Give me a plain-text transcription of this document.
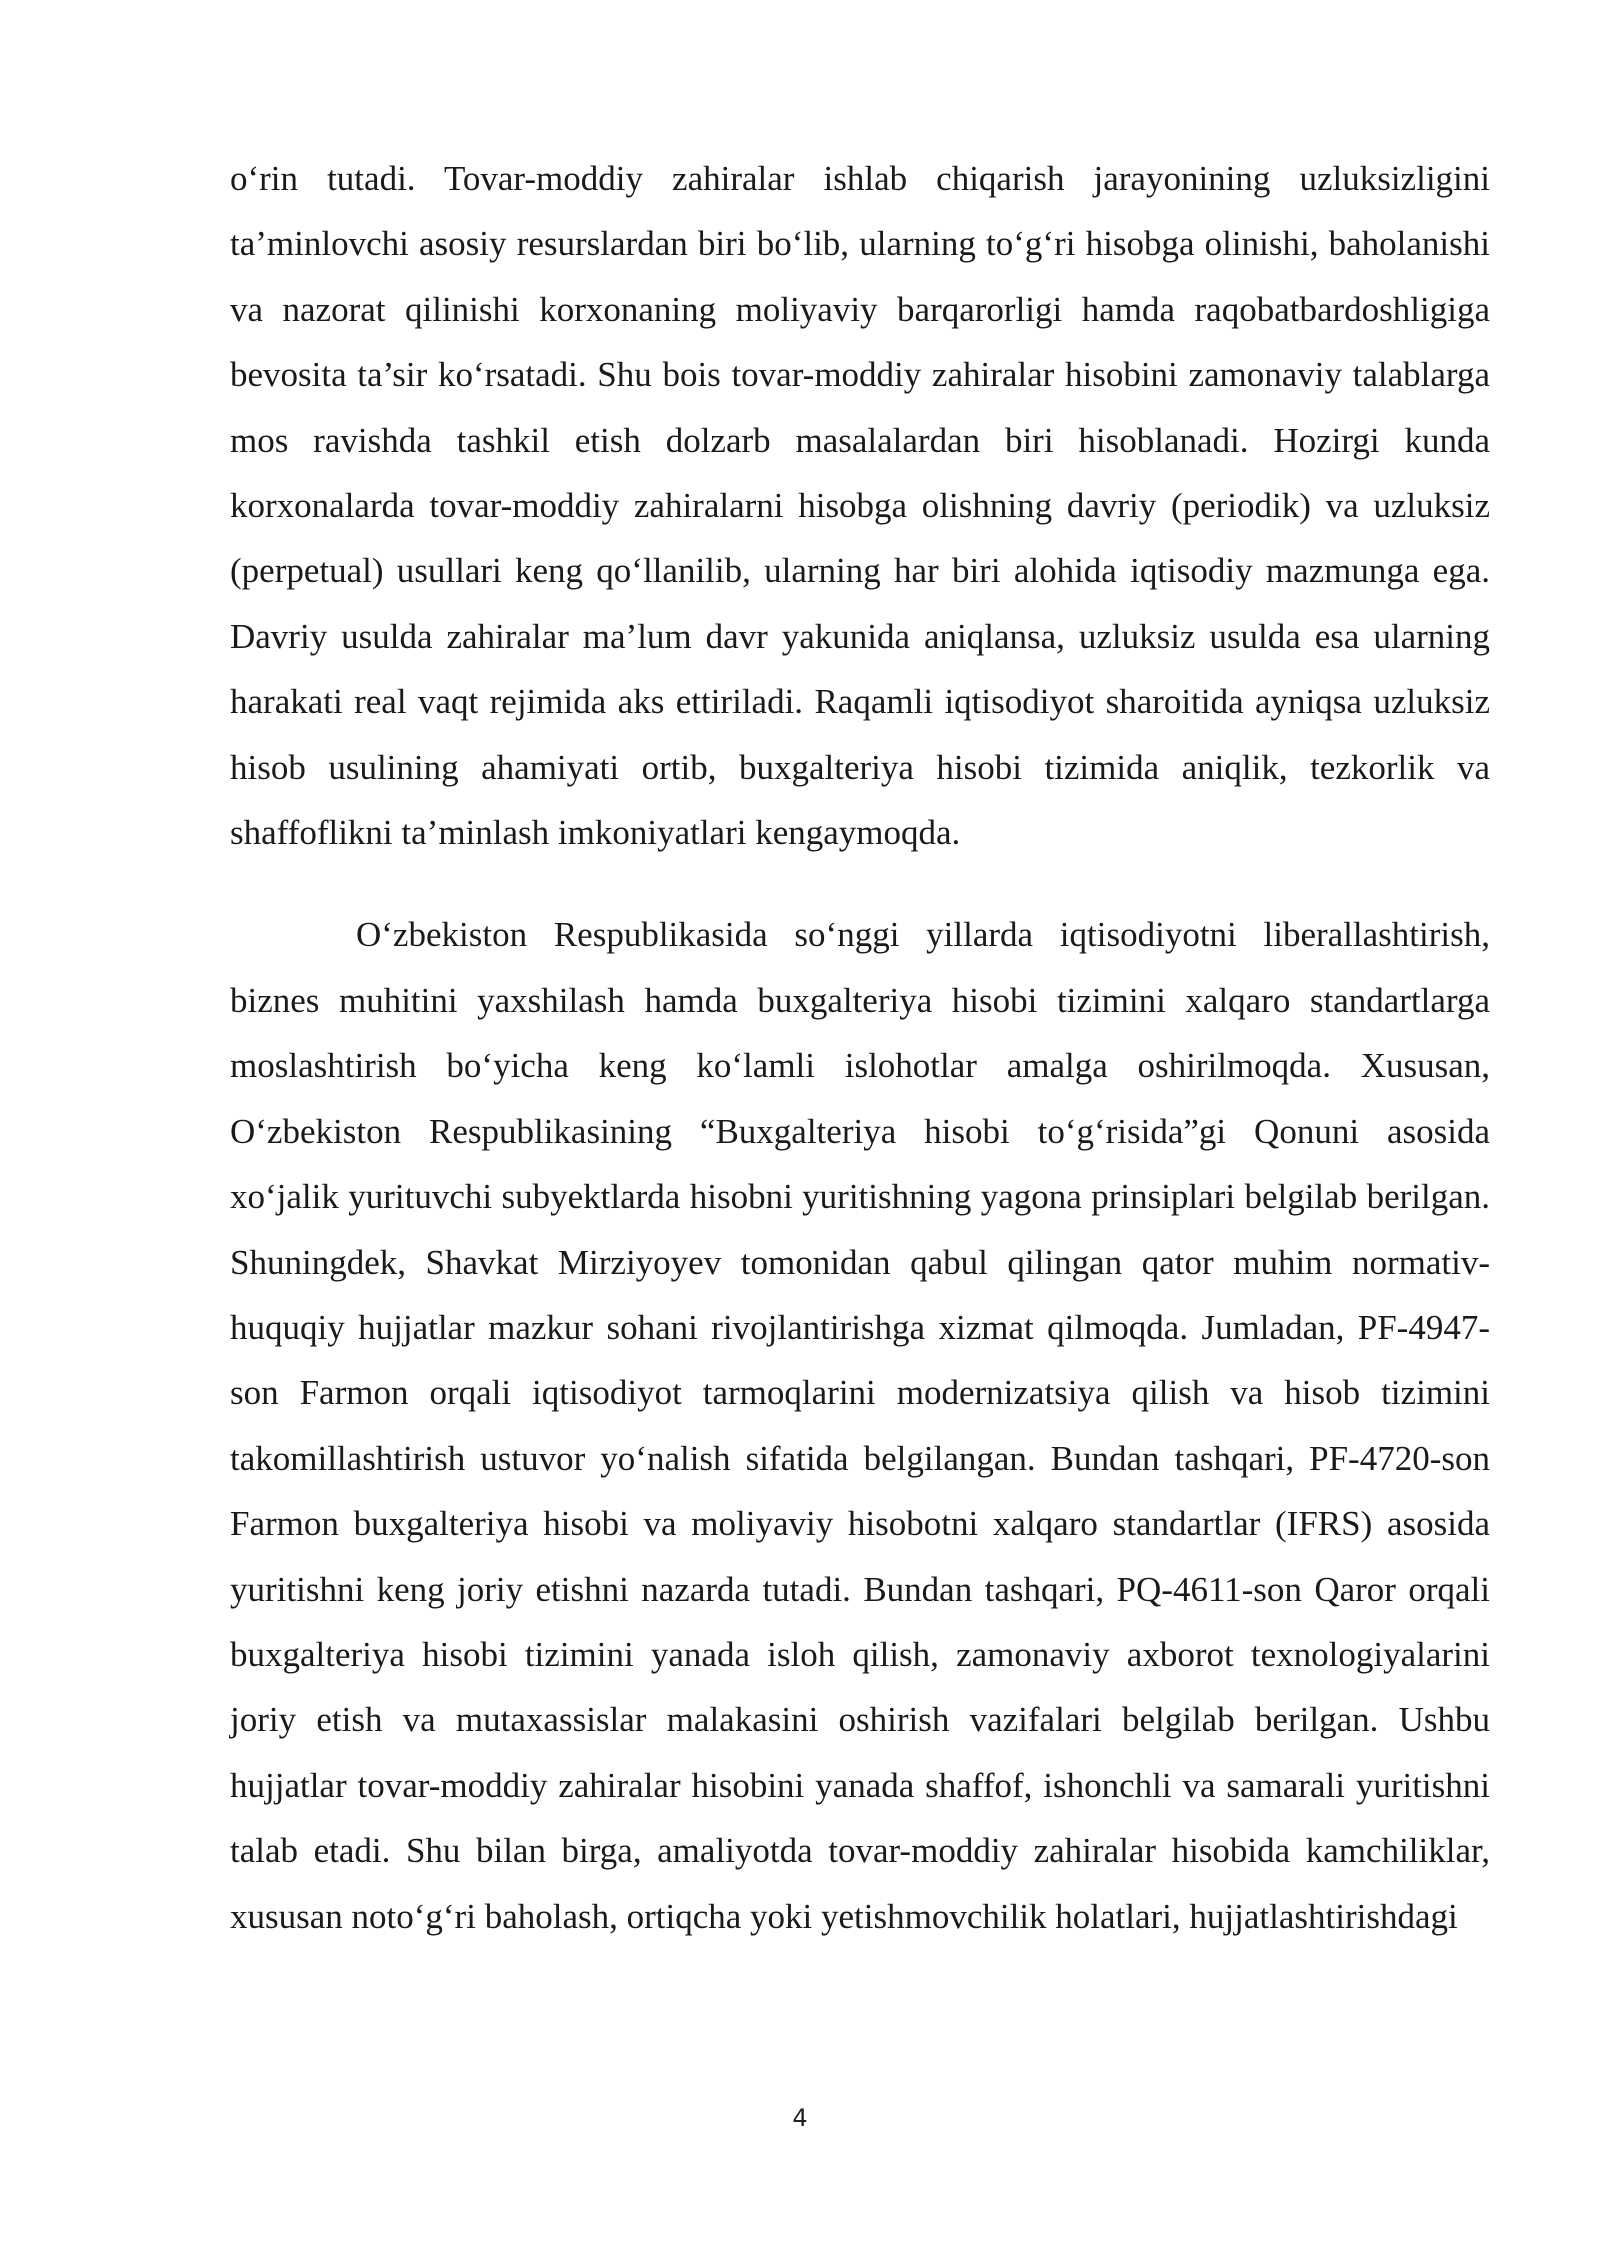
o‘rin tutadi. Tovar-moddiy zahiralar ishlab chiqarish jarayonining uzluksizligini ta’minlovchi asosiy resurslardan biri bo‘lib, ularning to‘g‘ri hisobga olinishi, baholanishi va nazorat qilinishi korxonaning moliyaviy barqarorligi hamda raqobatbardoshligiga bevosita ta’sir ko‘rsatadi. Shu bois tovar-moddiy zahiralar hisobini zamonaviy talablarga mos ravishda tashkil etish dolzarb masalalardan biri hisoblanadi. Hozirgi kunda korxonalarda tovar-moddiy zahiralarni hisobga olishning davriy (periodik) va uzluksiz (perpetual) usullari keng qo‘llanilib, ularning har biri alohida iqtisodiy mazmunga ega. Davriy usulda zahiralar ma’lum davr yakunida aniqlansa, uzluksiz usulda esa ularning harakati real vaqt rejimida aks ettiriladi. Raqamli iqtisodiyot sharoitida ayniqsa uzluksiz hisob usulining ahamiyati ortib, buxgalteriya hisobi tizimida aniqlik, tezkorlik va shaffoflikni ta’minlash imkoniyatlari kengaymoqda.

O‘zbekiston Respublikasida so‘nggi yillarda iqtisodiyotni liberallashtirish, biznes muhitini yaxshilash hamda buxgalteriya hisobi tizimini xalqaro standartlarga moslashtirish bo‘yicha keng ko‘lamli islohotlar amalga oshirilmoqda. Xususan, O‘zbekiston Respublikasining “Buxgalteriya hisobi to‘g‘risida”gi Qonuni asosida xo‘jalik yurituvchi subyektlarda hisobni yuritishning yagona prinsiplari belgilab berilgan. Shuningdek, Shavkat Mirziyoyev tomonidan qabul qilingan qator muhim normativ-huquqiy hujjatlar mazkur sohani rivojlantirishga xizmat qilmoqda. Jumladan, PF-4947-son Farmon orqali iqtisodiyot tarmoqlarini modernizatsiya qilish va hisob tizimini takomillashtirish ustuvor yo‘nalish sifatida belgilangan. Bundan tashqari, PF-4720-son Farmon buxgalteriya hisobi va moliyaviy hisobotni xalqaro standartlar (IFRS) asosida yuritishni keng joriy etishni nazarda tutadi. Bundan tashqari, PQ-4611-son Qaror orqali buxgalteriya hisobi tizimini yanada isloh qilish, zamonaviy axborot texnologiyalarini joriy etish va mutaxassislar malakasini oshirish vazifalari belgilab berilgan. Ushbu hujjatlar tovar-moddiy zahiralar hisobini yanada shaffof, ishonchli va samarali yuritishni talab etadi. Shu bilan birga, amaliyotda tovar-moddiy zahiralar hisobida kamchiliklar, xususan noto‘g‘ri baholash, ortiqcha yoki yetishmovchilik holatlari, hujjatlashtirishdagi

4
